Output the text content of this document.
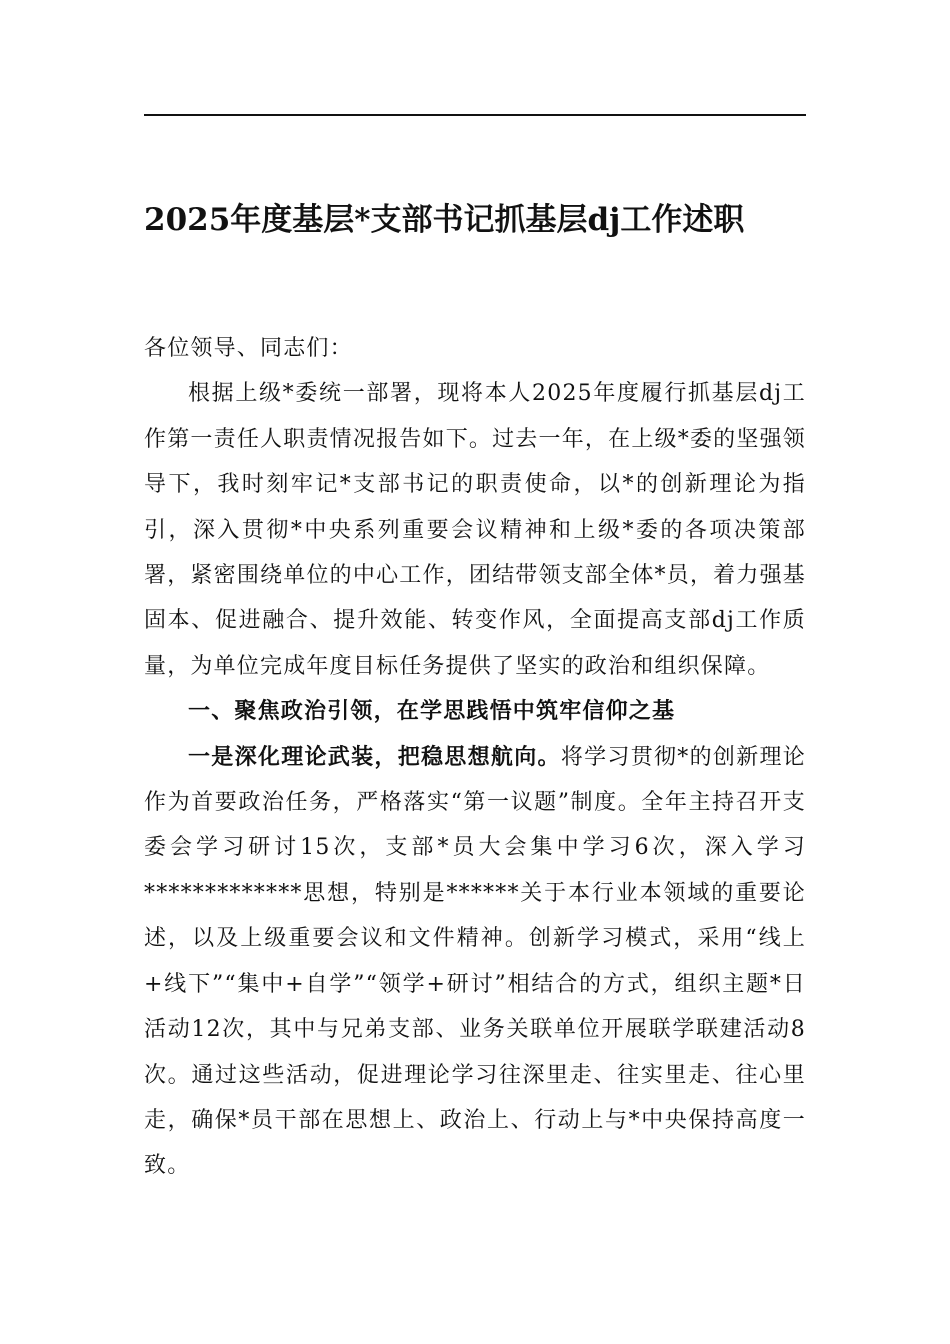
2025年度基层*支部书记抓基层dj工作述职

各位领导、同志们：

根据上级*委统一部署，现将本人2025年度履行抓基层dj工作第一责任人职责情况报告如下。过去一年，在上级*委的坚强领导下，我时刻牢记*支部书记的职责使命，以*的创新理论为指引，深入贯彻*中央系列重要会议精神和上级*委的各项决策部署，紧密围绕单位的中心工作，团结带领支部全体*员，着力强基固本、促进融合、提升效能、转变作风，全面提高支部dj工作质量，为单位完成年度目标任务提供了坚实的政治和组织保障。

一、聚焦政治引领，在学思践悟中筑牢信仰之基

一是深化理论武装，把稳思想航向。将学习贯彻*的创新理论作为首要政治任务，严格落实“第一议题”制度。全年主持召开支委会学习研讨15次，支部*员大会集中学习6次，深入学习*************思想，特别是******关于本行业本领域的重要论述，以及上级重要会议和文件精神。创新学习模式，采用“线上+线下”“集中+自学”“领学+研讨”相结合的方式，组织主题*日活动12次，其中与兄弟支部、业务关联单位开展联学联建活动8次。通过这些活动，促进理论学习往深里走、往实里走、往心里走，确保*员干部在思想上、政治上、行动上与*中央保持高度一致。
